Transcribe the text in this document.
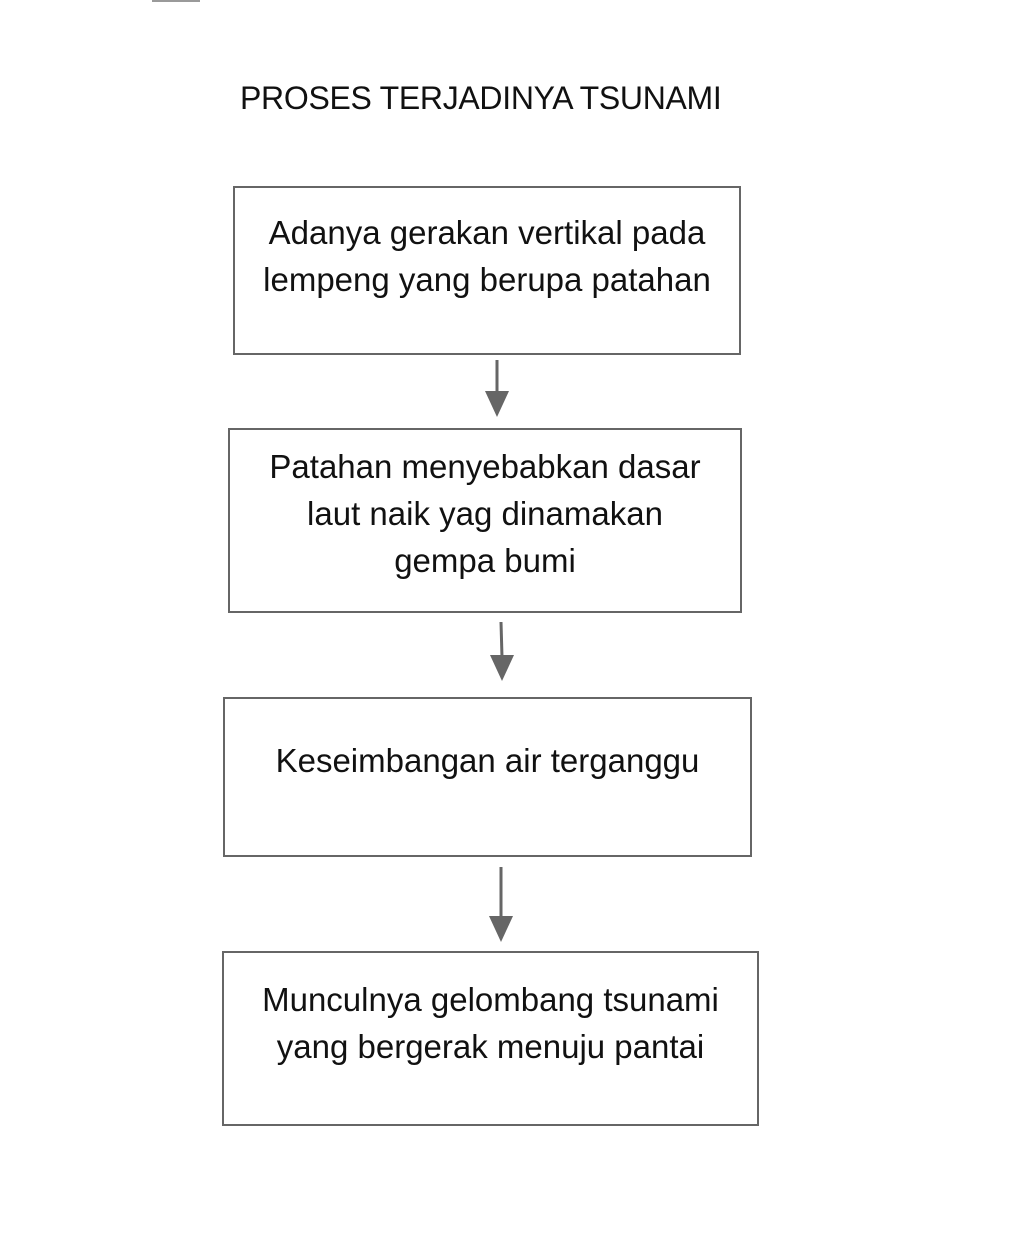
PROSES TERJADINYA TSUNAMI
Adanya gerakan vertikal pada
lempeng yang berupa patahan
Patahan menyebabkan dasar
laut naik yag dinamakan
gempa bumi
Keseimbangan air terganggu
Munculnya gelombang tsunami
yang bergerak menuju pantai
